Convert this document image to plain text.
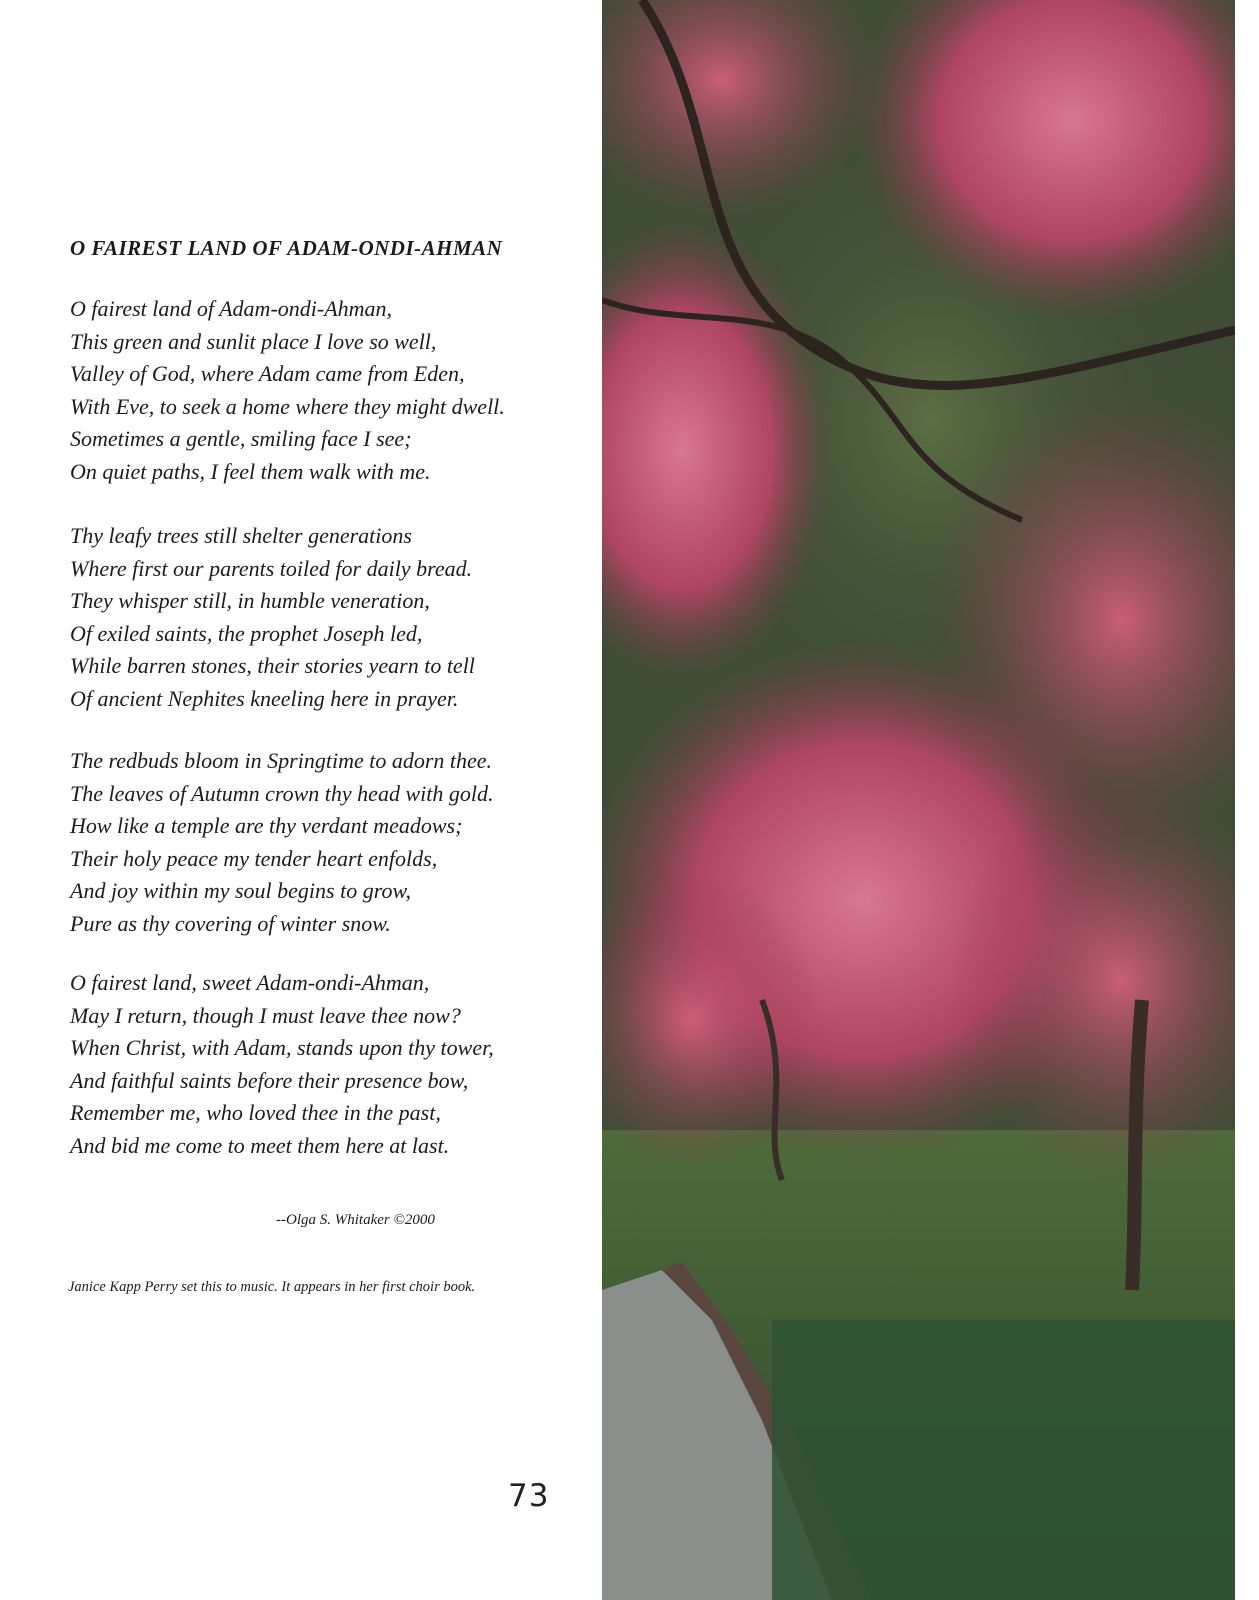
O FAIREST LAND OF ADAM-ONDI-AHMAN
O fairest land of Adam-ondi-Ahman,
This green and sunlit place I love so well,
Valley of God, where Adam came from Eden,
With Eve, to seek a home where they might dwell.
Sometimes a gentle, smiling face I see;
On quiet paths, I feel them walk with me.
Thy leafy trees still shelter generations
Where first our parents toiled for daily bread.
They whisper still, in humble veneration,
Of exiled saints, the prophet Joseph led,
While barren stones, their stories yearn to tell
Of ancient Nephites kneeling here in prayer.
The redbuds bloom in Springtime to adorn thee.
The leaves of Autumn crown thy head with gold.
How like a temple are thy verdant meadows;
Their holy peace my tender heart enfolds,
And joy within my soul begins to grow,
Pure as thy covering of winter snow.
O fairest land, sweet Adam-ondi-Ahman,
May I return, though I must leave thee now?
When Christ, with Adam, stands upon thy tower,
And faithful saints before their presence bow,
Remember me, who loved thee in the past,
And bid me come to meet them here at last.
--Olga S. Whitaker ©2000
Janice Kapp Perry set this to music. It appears in her first choir book.
73
